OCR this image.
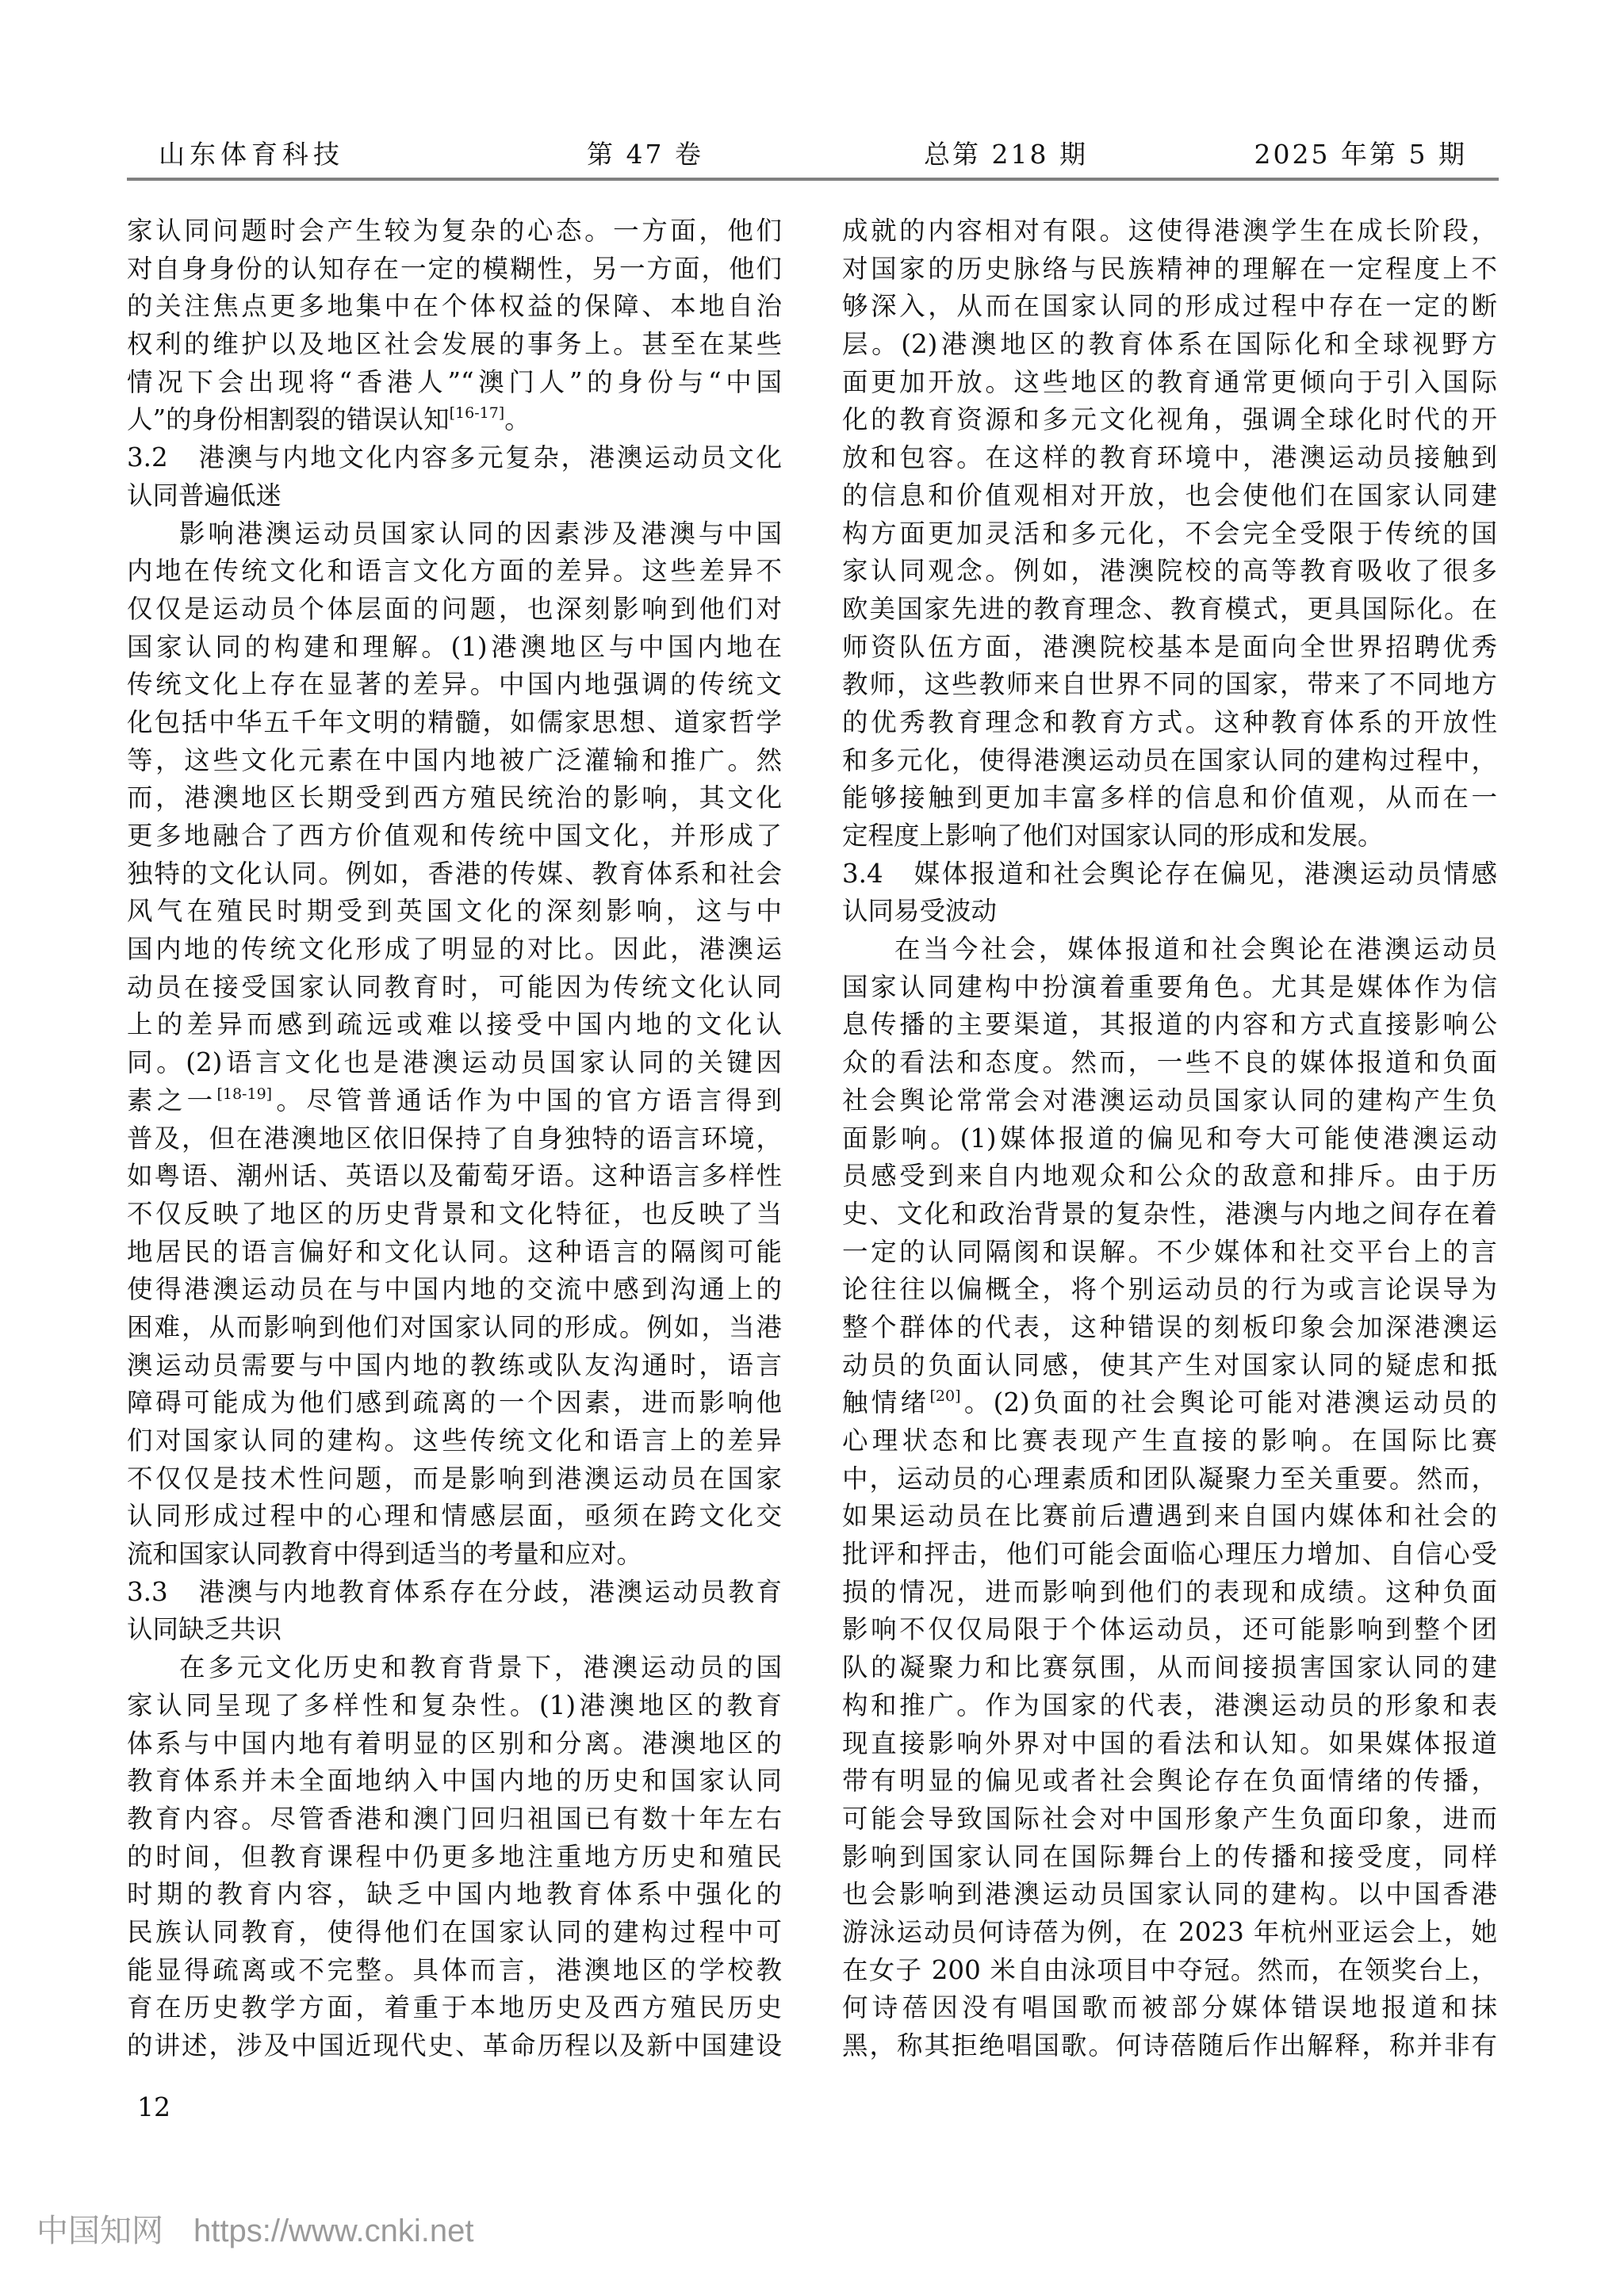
山东体育科技	第 47 卷	总第 218 期	2025 年第 5 期
家认同问题时会产生较为复杂的心态。一方面，他们
对自身身份的认知存在一定的模糊性，另一方面，他们
的关注焦点更多地集中在个体权益的保障、本地自治
权利的维护以及地区社会发展的事务上。甚至在某些
情况下会出现将“香港人”“澳门人”的身份与“中国
人”的身份相割裂的错误认知[16-17]。
3.2 港澳与内地文化内容多元复杂，港澳运动员文化
认同普遍低迷
影响港澳运动员国家认同的因素涉及港澳与中国
内地在传统文化和语言文化方面的差异。这些差异不
仅仅是运动员个体层面的问题，也深刻影响到他们对
国家认同的构建和理解。(1)港澳地区与中国内地在
传统文化上存在显著的差异。中国内地强调的传统文
化包括中华五千年文明的精髓，如儒家思想、道家哲学
等，这些文化元素在中国内地被广泛灌输和推广。然
而，港澳地区长期受到西方殖民统治的影响，其文化
更多地融合了西方价值观和传统中国文化，并形成了
独特的文化认同。例如，香港的传媒、教育体系和社会
风气在殖民时期受到英国文化的深刻影响，这与中
国内地的传统文化形成了明显的对比。因此，港澳运
动员在接受国家认同教育时，可能因为传统文化认同
上的差异而感到疏远或难以接受中国内地的文化认
同。(2)语言文化也是港澳运动员国家认同的关键因
素之一[18-19]。尽管普通话作为中国的官方语言得到
普及，但在港澳地区依旧保持了自身独特的语言环境，
如粤语、潮州话、英语以及葡萄牙语。这种语言多样性
不仅反映了地区的历史背景和文化特征，也反映了当
地居民的语言偏好和文化认同。这种语言的隔阂可能
使得港澳运动员在与中国内地的交流中感到沟通上的
困难，从而影响到他们对国家认同的形成。例如，当港
澳运动员需要与中国内地的教练或队友沟通时，语言
障碍可能成为他们感到疏离的一个因素，进而影响他
们对国家认同的建构。这些传统文化和语言上的差异
不仅仅是技术性问题，而是影响到港澳运动员在国家
认同形成过程中的心理和情感层面，亟须在跨文化交
流和国家认同教育中得到适当的考量和应对。
3.3 港澳与内地教育体系存在分歧，港澳运动员教育
认同缺乏共识
在多元文化历史和教育背景下，港澳运动员的国
家认同呈现了多样性和复杂性。(1)港澳地区的教育
体系与中国内地有着明显的区别和分离。港澳地区的
教育体系并未全面地纳入中国内地的历史和国家认同
教育内容。尽管香港和澳门回归祖国已有数十年左右
的时间，但教育课程中仍更多地注重地方历史和殖民
时期的教育内容，缺乏中国内地教育体系中强化的
民族认同教育，使得他们在国家认同的建构过程中可
能显得疏离或不完整。具体而言，港澳地区的学校教
育在历史教学方面，着重于本地历史及西方殖民历史
的讲述，涉及中国近现代史、革命历程以及新中国建设
成就的内容相对有限。这使得港澳学生在成长阶段，
对国家的历史脉络与民族精神的理解在一定程度上不
够深入，从而在国家认同的形成过程中存在一定的断
层。(2)港澳地区的教育体系在国际化和全球视野方
面更加开放。这些地区的教育通常更倾向于引入国际
化的教育资源和多元文化视角，强调全球化时代的开
放和包容。在这样的教育环境中，港澳运动员接触到
的信息和价值观相对开放，也会使他们在国家认同建
构方面更加灵活和多元化，不会完全受限于传统的国
家认同观念。例如，港澳院校的高等教育吸收了很多
欧美国家先进的教育理念、教育模式，更具国际化。在
师资队伍方面，港澳院校基本是面向全世界招聘优秀
教师，这些教师来自世界不同的国家，带来了不同地方
的优秀教育理念和教育方式。这种教育体系的开放性
和多元化，使得港澳运动员在国家认同的建构过程中，
能够接触到更加丰富多样的信息和价值观，从而在一
定程度上影响了他们对国家认同的形成和发展。
3.4 媒体报道和社会舆论存在偏见，港澳运动员情感
认同易受波动
在当今社会，媒体报道和社会舆论在港澳运动员
国家认同建构中扮演着重要角色。尤其是媒体作为信
息传播的主要渠道，其报道的内容和方式直接影响公
众的看法和态度。然而，一些不良的媒体报道和负面
社会舆论常常会对港澳运动员国家认同的建构产生负
面影响。(1)媒体报道的偏见和夸大可能使港澳运动
员感受到来自内地观众和公众的敌意和排斥。由于历
史、文化和政治背景的复杂性，港澳与内地之间存在着
一定的认同隔阂和误解。不少媒体和社交平台上的言
论往往以偏概全，将个别运动员的行为或言论误导为
整个群体的代表，这种错误的刻板印象会加深港澳运
动员的负面认同感，使其产生对国家认同的疑虑和抵
触情绪[20]。(2)负面的社会舆论可能对港澳运动员的
心理状态和比赛表现产生直接的影响。在国际比赛
中，运动员的心理素质和团队凝聚力至关重要。然而，
如果运动员在比赛前后遭遇到来自国内媒体和社会的
批评和抨击，他们可能会面临心理压力增加、自信心受
损的情况，进而影响到他们的表现和成绩。这种负面
影响不仅仅局限于个体运动员，还可能影响到整个团
队的凝聚力和比赛氛围，从而间接损害国家认同的建
构和推广。作为国家的代表，港澳运动员的形象和表
现直接影响外界对中国的看法和认知。如果媒体报道
带有明显的偏见或者社会舆论存在负面情绪的传播，
可能会导致国际社会对中国形象产生负面印象，进而
影响到国家认同在国际舞台上的传播和接受度，同样
也会影响到港澳运动员国家认同的建构。以中国香港
游泳运动员何诗蓓为例，在 2023 年杭州亚运会上，她
在女子 200 米自由泳项目中夺冠。然而，在领奖台上，
何诗蓓因没有唱国歌而被部分媒体错误地报道和抹
黑，称其拒绝唱国歌。何诗蓓随后作出解释，称并非有
12
中国知网 https://www.cnki.net
